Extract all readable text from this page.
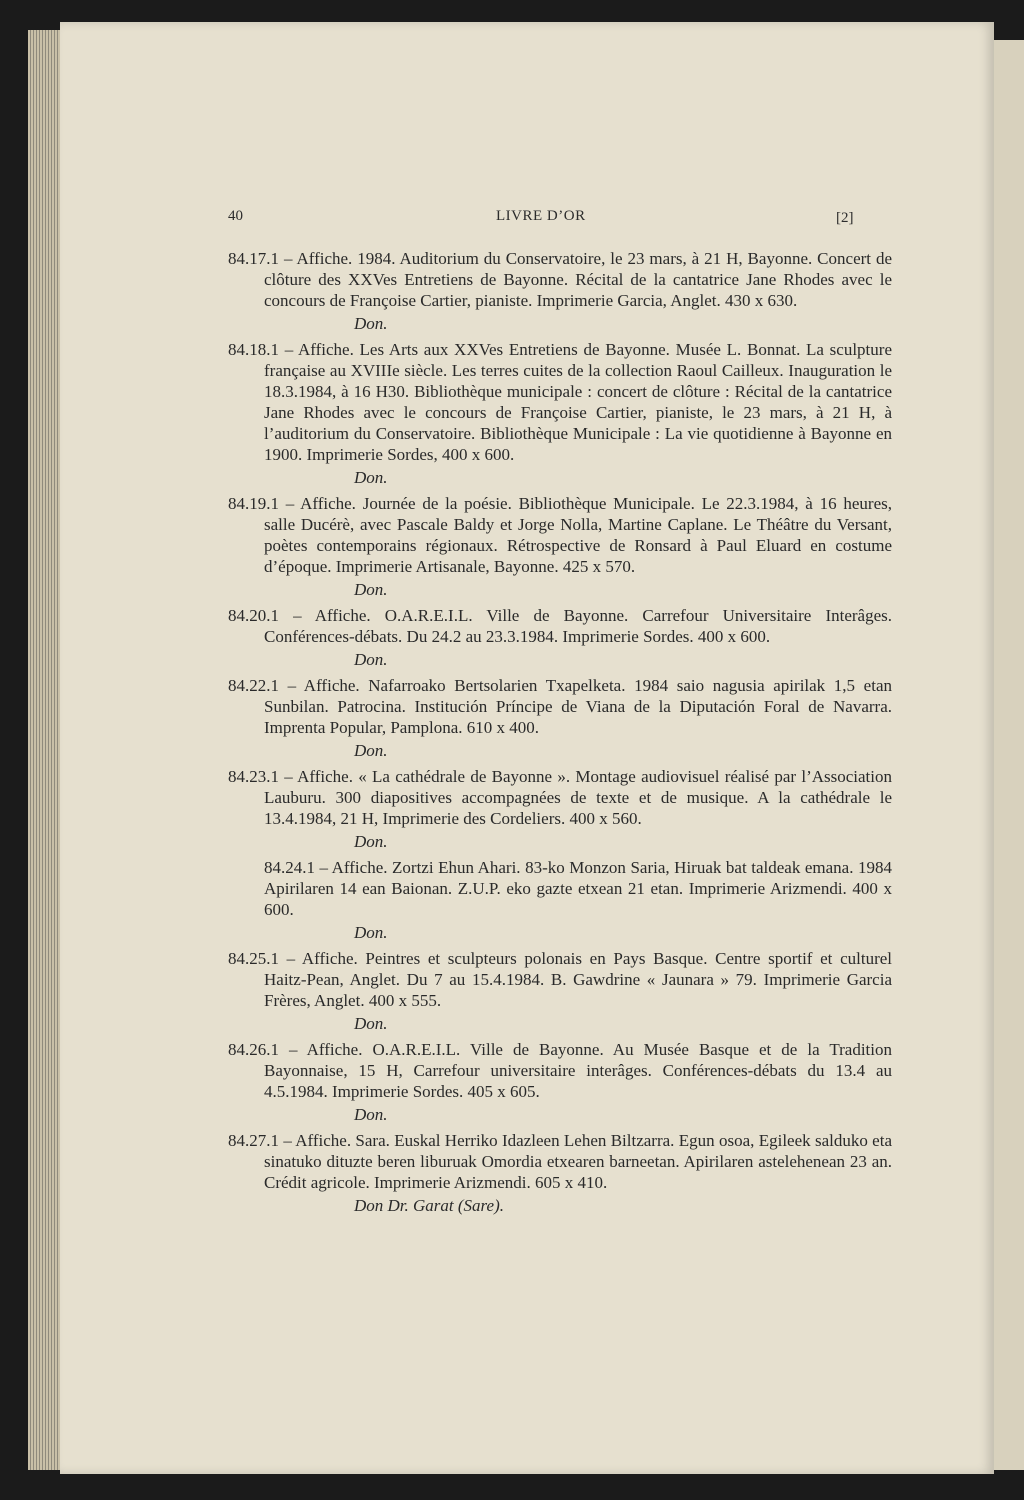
40	LIVRE D’OR	[2]

84.17.1 – Affiche. 1984. Auditorium du Conservatoire, le 23 mars, à 21 H, Bayonne. Concert de clôture des XXVes Entretiens de Bayonne. Récital de la cantatrice Jane Rhodes avec le concours de Françoise Cartier, pianiste. Imprimerie Garcia, Anglet. 430 x 630.

Don.

84.18.1 – Affiche. Les Arts aux XXVes Entretiens de Bayonne. Musée L. Bonnat. La sculpture française au XVIIIe siècle. Les terres cuites de la collection Raoul Cailleux. Inauguration le 18.3.1984, à 16 H30. Bibliothèque municipale : concert de clôture : Récital de la cantatrice Jane Rhodes avec le concours de Françoise Cartier, pianiste, le 23 mars, à 21 H, à l’auditorium du Conservatoire. Bibliothèque Municipale : La vie quotidienne à Bayonne en 1900. Imprimerie Sordes, 400 x 600.

Don.

84.19.1 – Affiche. Journée de la poésie. Bibliothèque Municipale. Le 22.3.1984, à 16 heures, salle Ducérè, avec Pascale Baldy et Jorge Nolla, Martine Caplane. Le Théâtre du Versant, poètes contemporains régionaux. Rétrospective de Ronsard à Paul Eluard en costume d’époque. Imprimerie Artisanale, Bayonne. 425 x 570.

Don.

84.20.1 – Affiche. O.A.R.E.I.L. Ville de Bayonne. Carrefour Universitaire Interâges. Conférences-débats. Du 24.2 au 23.3.1984. Imprimerie Sordes. 400 x 600.

Don.

84.22.1 – Affiche. Nafarroako Bertsolarien Txapelketa. 1984 saio nagusia apirilak 1,5 etan Sunbilan. Patrocina. Institución Príncipe de Viana de la Diputación Foral de Navarra. Imprenta Popular, Pamplona. 610 x 400.

Don.

84.23.1 – Affiche. « La cathédrale de Bayonne ». Montage audiovisuel réalisé par l’Association Lauburu. 300 diapositives accompagnées de texte et de musique. A la cathédrale le 13.4.1984, 21 H, Imprimerie des Cordeliers. 400 x 560.

Don.

84.24.1 – Affiche. Zortzi Ehun Ahari. 83-ko Monzon Saria, Hiruak bat taldeak emana. 1984 Apirilaren 14 ean Baionan. Z.U.P. eko gazte etxean 21 etan. Imprimerie Arizmendi. 400 x 600.

Don.

84.25.1 – Affiche. Peintres et sculpteurs polonais en Pays Basque. Centre sportif et culturel Haitz-Pean, Anglet. Du 7 au 15.4.1984. B. Gawdrine « Jaunara » 79. Imprimerie Garcia Frères, Anglet. 400 x 555.

Don.

84.26.1 – Affiche. O.A.R.E.I.L. Ville de Bayonne. Au Musée Basque et de la Tradition Bayonnaise, 15 H, Carrefour universitaire interâges. Conférences-débats du 13.4 au 4.5.1984. Imprimerie Sordes. 405 x 605.

Don.

84.27.1 – Affiche. Sara. Euskal Herriko Idazleen Lehen Biltzarra. Egun osoa, Egileek salduko eta sinatuko dituzte beren liburuak Omordia etxearen barneetan. Apirilaren astelehenean 23 an. Crédit agricole. Imprimerie Arizmendi. 605 x 410.

Don Dr. Garat (Sare).
